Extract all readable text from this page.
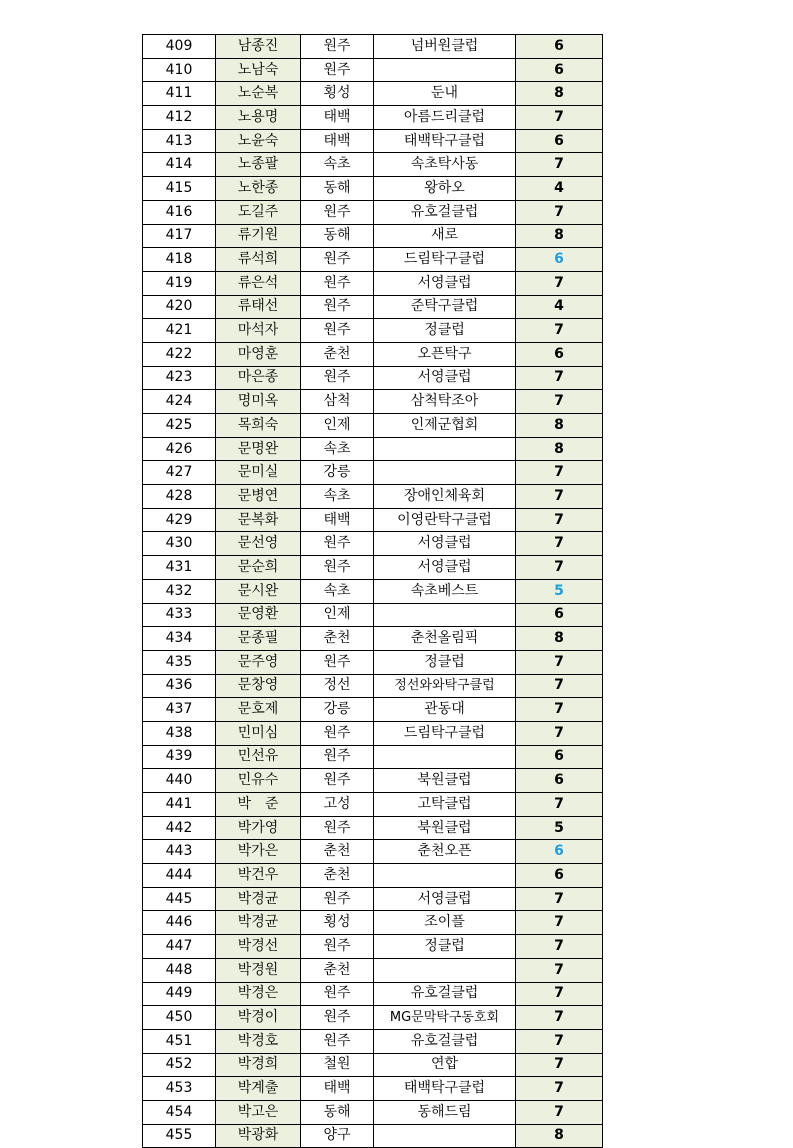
409	남종진	원주	넘버원클럽	6
410	노남숙	원주		6
411	노순복	횡성	둔내	8
412	노용명	태백	아름드리클럽	7
413	노윤숙	태백	태백탁구클럽	6
414	노종팔	속초	속초탁사동	7
415	노한종	동해	왕하오	4
416	도길주	원주	유호걸클럽	7
417	류기원	동해	새로	8
418	류석희	원주	드림탁구클럽	6
419	류은석	원주	서영클럽	7
420	류태선	원주	준탁구클럽	4
421	마석자	원주	정클럽	7
422	마영훈	춘천	오픈탁구	6
423	마은종	원주	서영클럽	7
424	명미옥	삼척	삼척탁조아	7
425	목희숙	인제	인제군협회	8
426	문명완	속초		8
427	문미실	강릉		7
428	문병연	속초	장애인체육회	7
429	문복화	태백	이영란탁구클럽	7
430	문선영	원주	서영클럽	7
431	문순희	원주	서영클럽	7
432	문시완	속초	속초베스트	5
433	문영환	인제		6
434	문종필	춘천	춘천올림픽	8
435	문주영	원주	정클럽	7
436	문창영	정선	정선와와탁구클럽	7
437	문호제	강릉	관동대	7
438	민미심	원주	드림탁구클럽	7
439	민선유	원주		6
440	민유수	원주	북원클럽	6
441	박　준	고성	고탁클럽	7
442	박가영	원주	북원클럽	5
443	박가은	춘천	춘천오픈	6
444	박건우	춘천		6
445	박경균	원주	서영클럽	7
446	박경균	횡성	조이플	7
447	박경선	원주	정클럽	7
448	박경원	춘천		7
449	박경은	원주	유호걸클럽	7
450	박경이	원주	MG문막탁구동호회	7
451	박경호	원주	유호걸클럽	7
452	박경희	철원	연합	7
453	박계출	태백	태백탁구클럽	7
454	박고은	동해	동해드림	7
455	박광화	양구		8
